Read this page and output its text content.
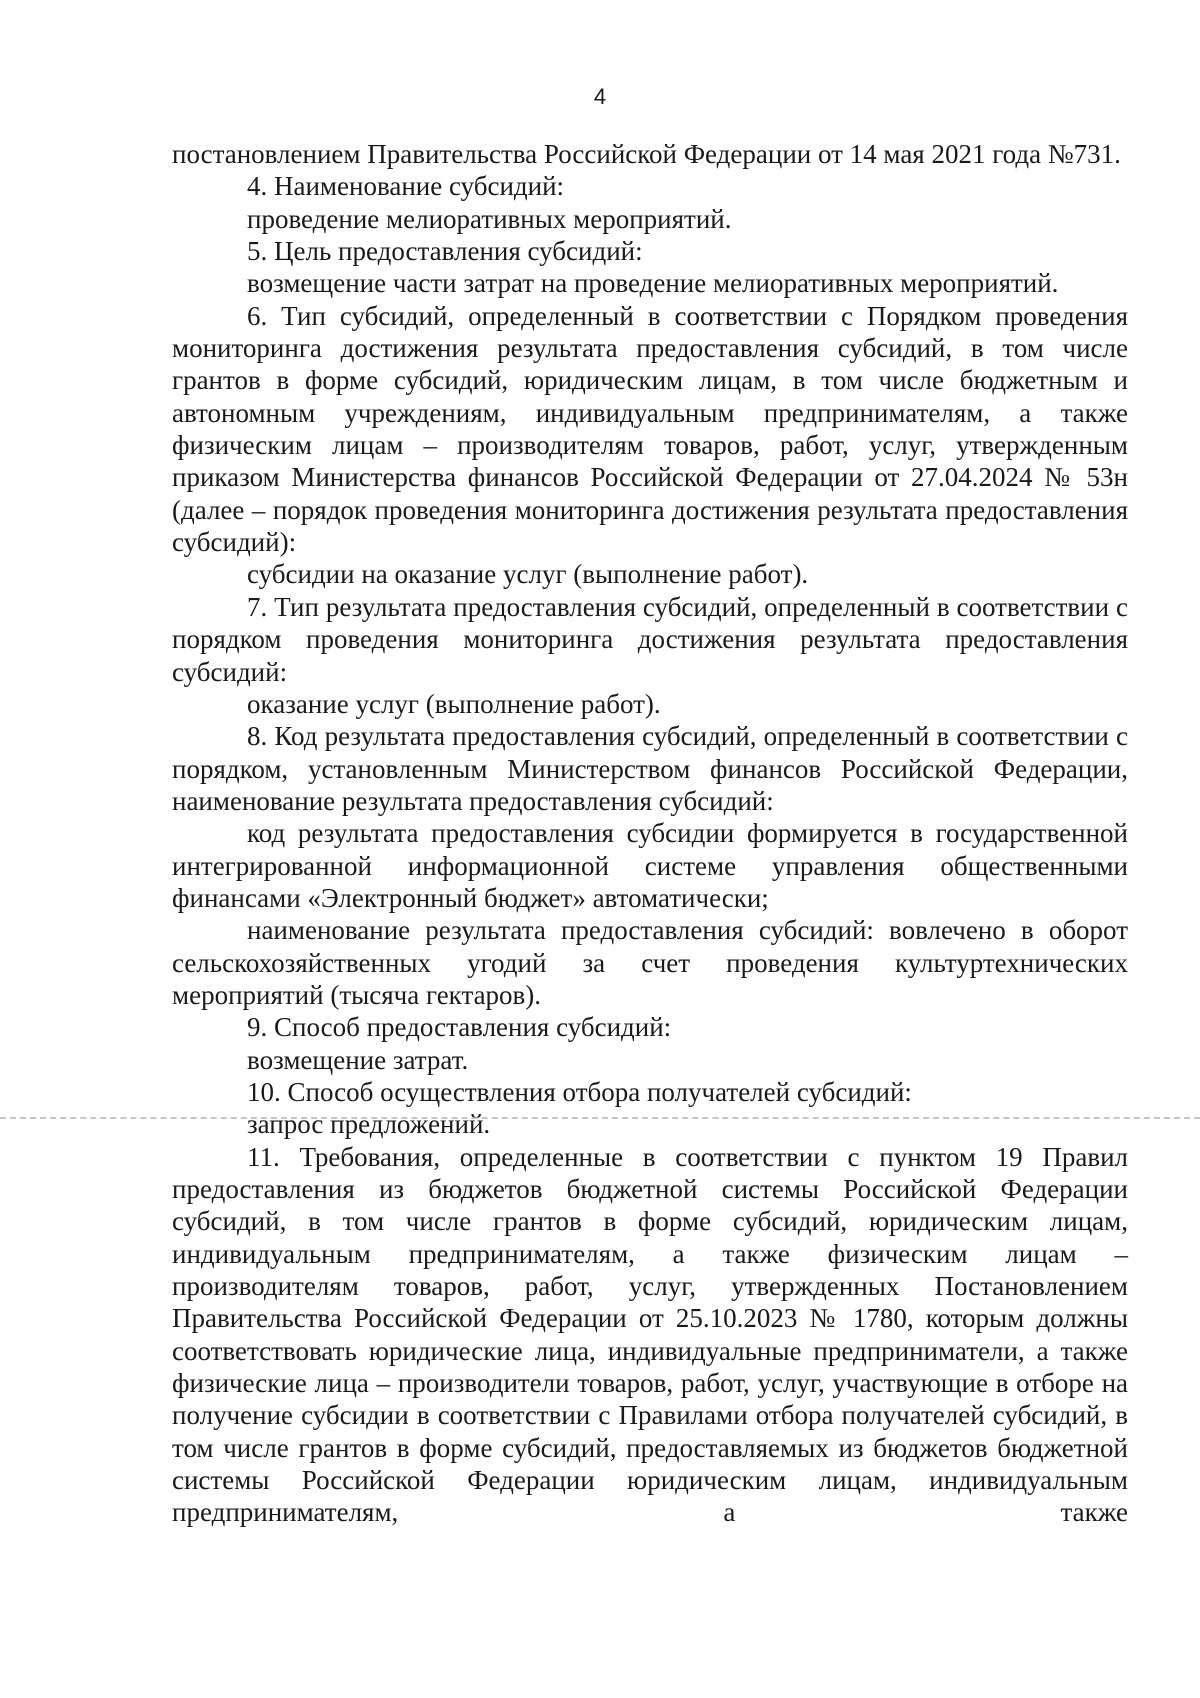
4

постановлением Правительства Российской Федерации от 14 мая 2021 года №731.

4. Наименование субсидий:

проведение мелиоративных мероприятий.

5. Цель предоставления субсидий:

возмещение части затрат на проведение мелиоративных мероприятий.

6. Тип субсидий, определенный в соответствии с Порядком проведения мониторинга достижения результата предоставления субсидий, в том числе грантов в форме субсидий, юридическим лицам, в том числе бюджетным и автономным учреждениям, индивидуальным предпринимателям, а также физическим лицам – производителям товаров, работ, услуг, утвержденным приказом Министерства финансов Российской Федерации от 27.04.2024 № 53н (далее – порядок проведения мониторинга достижения результата предоставления субсидий):

субсидии на оказание услуг (выполнение работ).

7. Тип результата предоставления субсидий, определенный в соответствии с порядком проведения мониторинга достижения результата предоставления субсидий:

оказание услуг (выполнение работ).

8. Код результата предоставления субсидий, определенный в соответствии с порядком, установленным Министерством финансов Российской Федерации, наименование результата предоставления субсидий:

код результата предоставления субсидии формируется в государственной интегрированной информационной системе управления общественными финансами «Электронный бюджет» автоматически;

наименование результата предоставления субсидий: вовлечено в оборот сельскохозяйственных угодий за счет проведения культуртехнических мероприятий (тысяча гектаров).

9. Способ предоставления субсидий:

возмещение затрат.

10. Способ осуществления отбора получателей субсидий:

запрос предложений.

11. Требования, определенные в соответствии с пунктом 19 Правил предоставления из бюджетов бюджетной системы Российской Федерации субсидий, в том числе грантов в форме субсидий, юридическим лицам, индивидуальным предпринимателям, а также физическим лицам – производителям товаров, работ, услуг, утвержденных Постановлением Правительства Российской Федерации от 25.10.2023 № 1780, которым должны соответствовать юридические лица, индивидуальные предприниматели, а также физические лица – производители товаров, работ, услуг, участвующие в отборе на получение субсидии в соответствии с Правилами отбора получателей субсидий, в том числе грантов в форме субсидий, предоставляемых из бюджетов бюджетной системы Российской Федерации юридическим лицам, индивидуальным предпринимателям, а также
